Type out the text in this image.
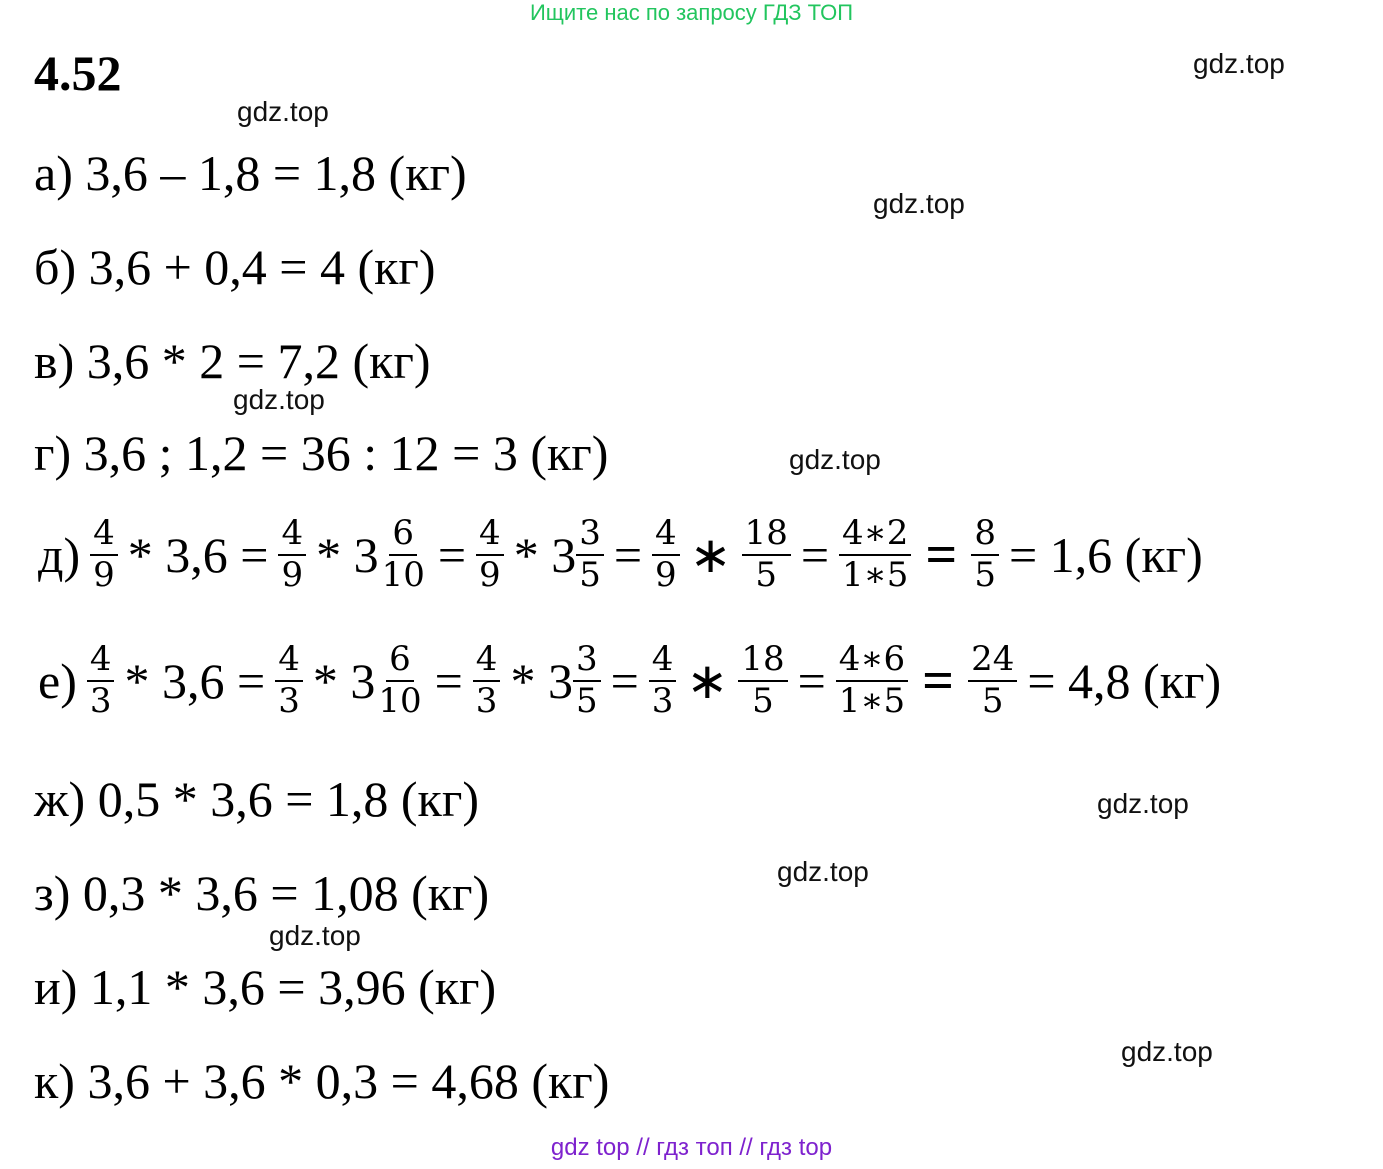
Ищите нас по запросу ГДЗ ТОП
4.52	gdz.top
gdz.top
gdz.top
gdz.top
gdz.top
gdz.top
gdz.top
gdz.top
gdz.top
а) 3,6 – 1,8 = 1,8 (кг)
б) 3,6 + 0,4 = 4 (кг)
в) 3,6 * 2 = 7,2 (кг)
г) 3,6 ; 1,2 = 36 : 12 = 3 (кг)
$д) \frac{4}{9} * 3,6 = \frac{4}{9} * 3 \frac{6}{10} = \frac{4}{9} * 3 \frac{3}{5} = \frac{4}{9}$ ∗ $\frac{18}{5} = \frac{4∗2}{1∗5} = \frac{8}{5} = 1,6$ (кг)
$е) \frac{4}{3} * 3,6 = \frac{4}{3} * 3 \frac{6}{10} = \frac{4}{3} * 3 \frac{3}{5} = \frac{4}{3}$ ∗ $\frac{18}{5} = \frac{4∗6}{1∗5} = \frac{24}{5} = 4,8$ (кг)
ж) 0,5 * 3,6 = 1,8 (кг)
з) 0,3 * 3,6 = 1,08 (кг)
и) 1,1 * 3,6 = 3,96 (кг)
к) 3,6 + 3,6 * 0,3 = 4,68 (кг)
gdz top // гдз топ // гдз top
